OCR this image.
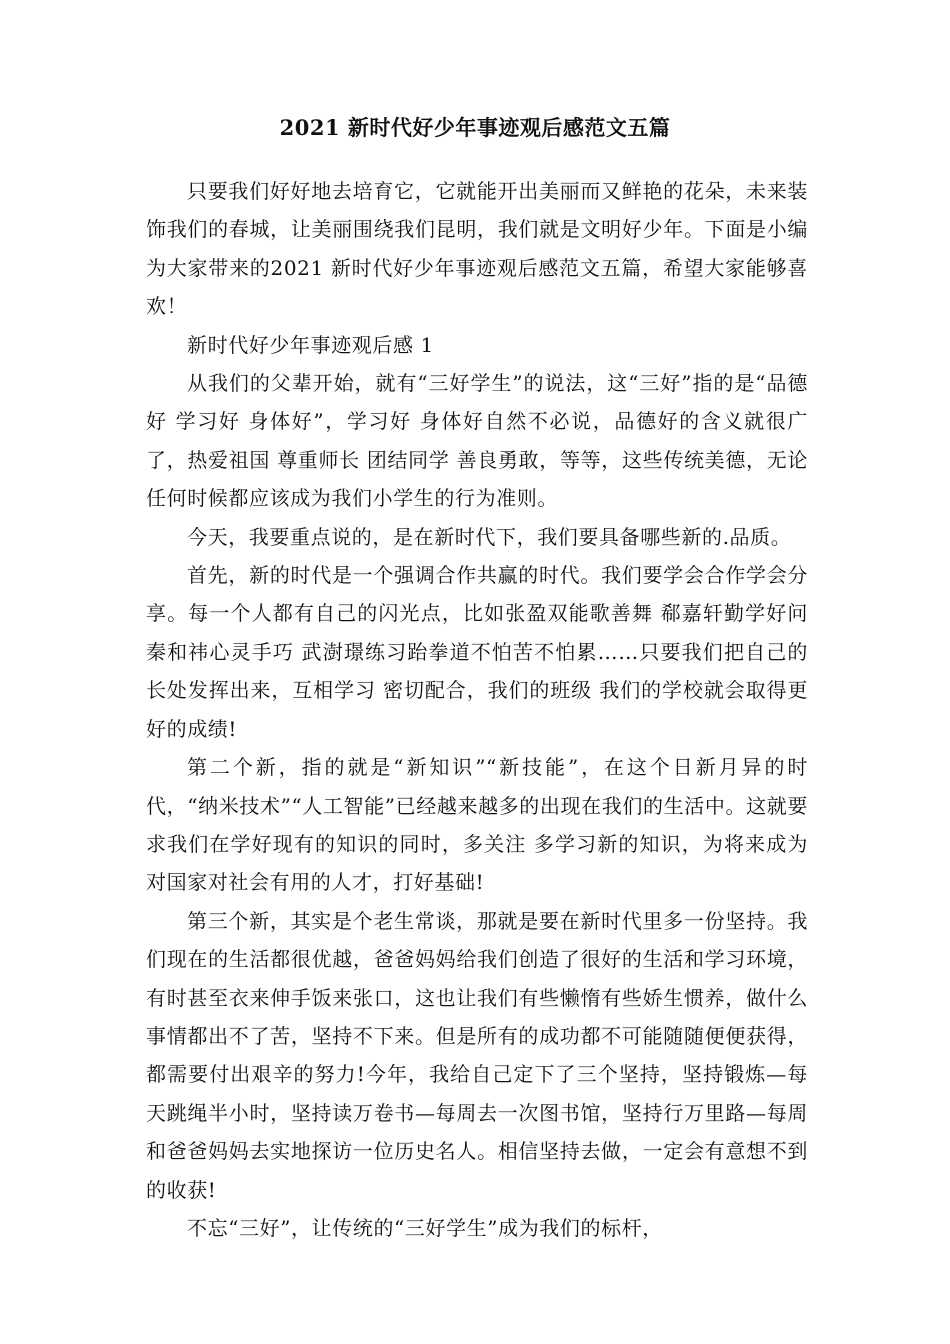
2021 新时代好少年事迹观后感范文五篇

只要我们好好地去培育它，它就能开出美丽而又鲜艳的花朵，未来装饰我们的春城，让美丽围绕我们昆明，我们就是文明好少年。下面是小编为大家带来的2021 新时代好少年事迹观后感范文五篇，希望大家能够喜欢！

新时代好少年事迹观后感 1

从我们的父辈开始，就有“三好学生”的说法，这“三好”指的是“品德好 学习好 身体好”，学习好 身体好自然不必说，品德好的含义就很广了，热爱祖国 尊重师长 团结同学 善良勇敢，等等，这些传统美德，无论任何时候都应该成为我们小学生的行为准则。

今天，我要重点说的，是在新时代下，我们要具备哪些新的.品质。

首先，新的时代是一个强调合作共赢的时代。我们要学会合作学会分享。每一个人都有自己的闪光点，比如张盈双能歌善舞 郗嘉轩勤学好问 秦和祎心灵手巧 武澍璟练习跆拳道不怕苦不怕累……只要我们把自己的长处发挥出来，互相学习 密切配合，我们的班级 我们的学校就会取得更好的成绩!

第二个新，指的就是“新知识”“新技能”，在这个日新月异的时代，“纳米技术”“人工智能”已经越来越多的出现在我们的生活中。这就要求我们在学好现有的知识的同时，多关注 多学习新的知识，为将来成为对国家对社会有用的人才，打好基础!

第三个新，其实是个老生常谈，那就是要在新时代里多一份坚持。我们现在的生活都很优越，爸爸妈妈给我们创造了很好的生活和学习环境，有时甚至衣来伸手饭来张口，这也让我们有些懒惰有些娇生惯养，做什么事情都出不了苦，坚持不下来。但是所有的成功都不可能随随便便获得，都需要付出艰辛的努力!今年，我给自己定下了三个坚持，坚持锻炼—每天跳绳半小时，坚持读万卷书—每周去一次图书馆，坚持行万里路—每周和爸爸妈妈去实地探访一位历史名人。相信坚持去做，一定会有意想不到的收获!

不忘“三好”，让传统的“三好学生”成为我们的标杆，
